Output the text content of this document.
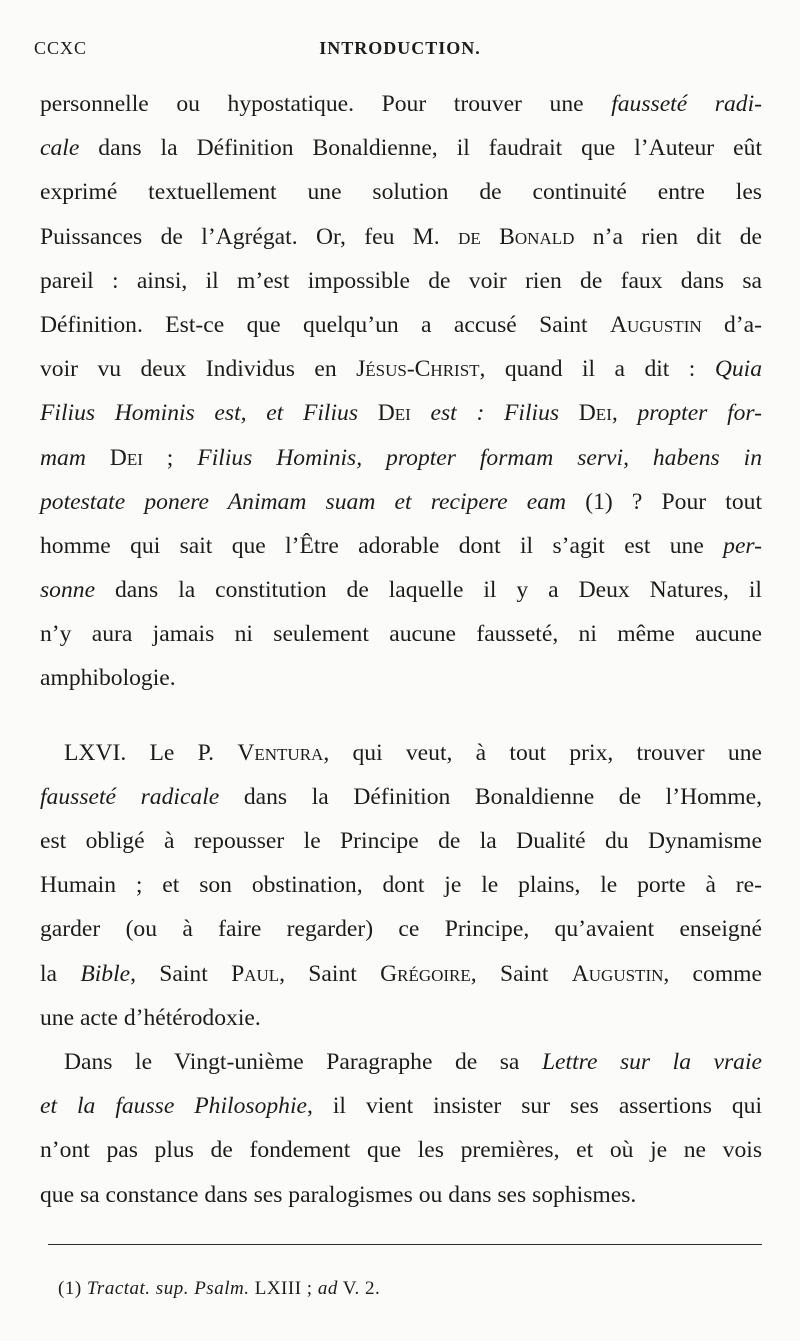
CCXC	INTRODUCTION.
personnelle ou hypostatique. Pour trouver une fausseté radi-
cale dans la Définition Bonaldienne, il faudrait que l’Auteur eût
exprimé textuellement une solution de continuité entre les
Puissances de l’Agrégat. Or, feu M. de Bonald n’a rien dit de
pareil : ainsi, il m’est impossible de voir rien de faux dans sa
Définition. Est-ce que quelqu’un a accusé Saint Augustin d’a-
voir vu deux Individus en Jésus-Christ, quand il a dit : Quia
Filius Hominis est, et Filius Dei est : Filius Dei, propter for-
mam Dei ; Filius Hominis, propter formam servi, habens in
potestate ponere Animam suam et recipere eam (1) ? Pour tout
homme qui sait que l’Être adorable dont il s’agit est une per-
sonne dans la constitution de laquelle il y a Deux Natures, il
n’y aura jamais ni seulement aucune fausseté, ni même aucune
amphibologie.
LXVI. Le P. Ventura, qui veut, à tout prix, trouver une
fausseté radicale dans la Définition Bonaldienne de l’Homme,
est obligé à repousser le Principe de la Dualité du Dynamisme
Humain ; et son obstination, dont je le plains, le porte à re-
garder (ou à faire regarder) ce Principe, qu’avaient enseigné
la Bible, Saint Paul, Saint Grégoire, Saint Augustin, comme
une acte d’hétérodoxie.
Dans le Vingt-unième Paragraphe de sa Lettre sur la vraie
et la fausse Philosophie, il vient insister sur ses assertions qui
n’ont pas plus de fondement que les premières, et où je ne vois
que sa constance dans ses paralogismes ou dans ses sophismes.
(1) Tractat. sup. Psalm. LXIII ; ad V. 2.
